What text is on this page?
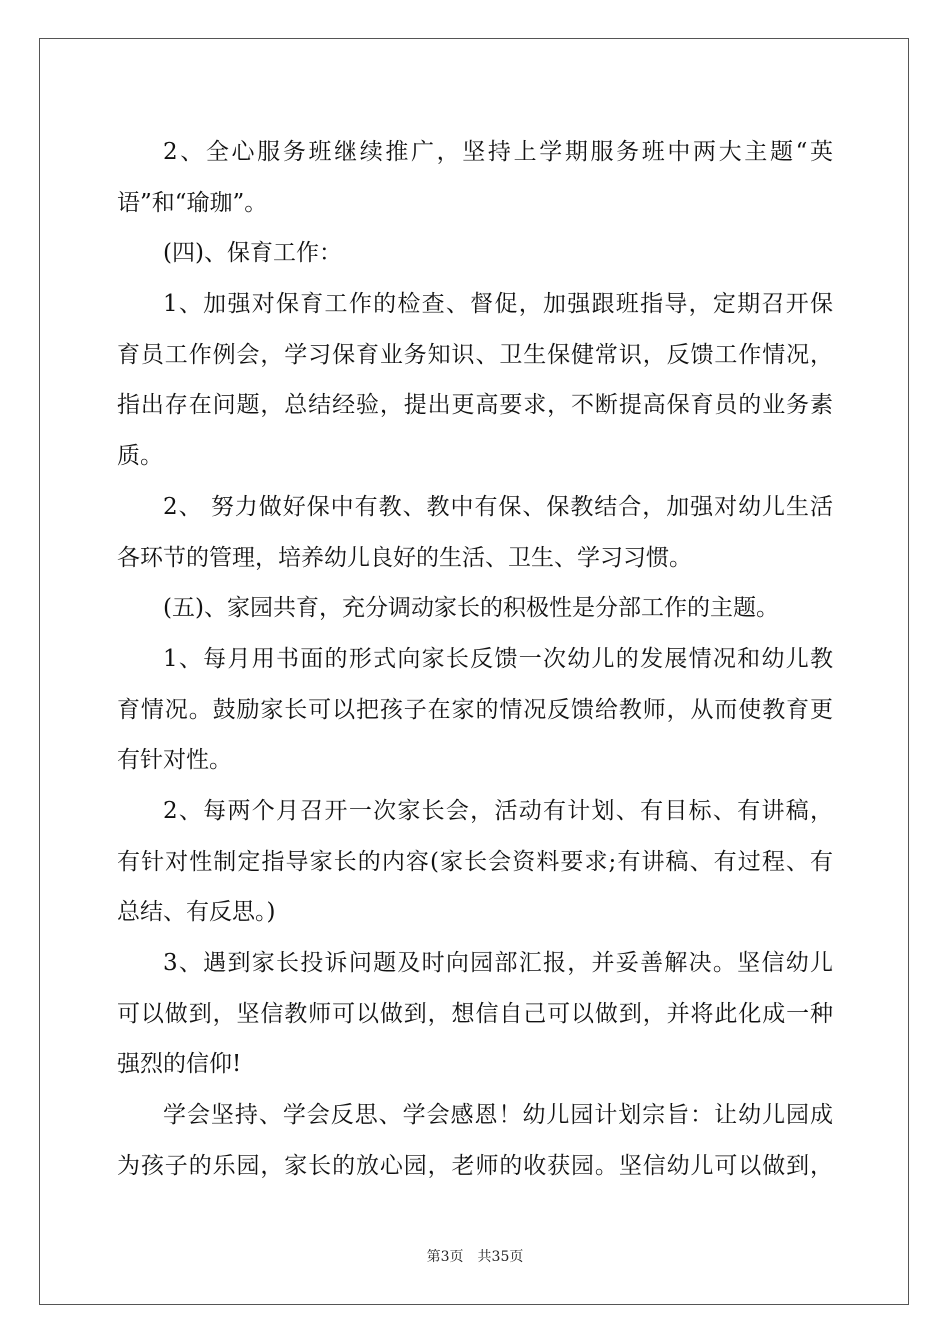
2、全心服务班继续推广，坚持上学期服务班中两大主题“英
语”和“瑜珈”。
(四)、保育工作：
1、加强对保育工作的检查、督促，加强跟班指导，定期召开保
育员工作例会，学习保育业务知识、卫生保健常识，反馈工作情况，
指出存在问题，总结经验，提出更高要求，不断提高保育员的业务素
质。
2、 努力做好保中有教、教中有保、保教结合，加强对幼儿生活
各环节的管理，培养幼儿良好的生活、卫生、学习习惯。
(五)、家园共育，充分调动家长的积极性是分部工作的主题。
1、每月用书面的形式向家长反馈一次幼儿的发展情况和幼儿教
育情况。鼓励家长可以把孩子在家的情况反馈给教师，从而使教育更
有针对性。
2、每两个月召开一次家长会，活动有计划、有目标、有讲稿，
有针对性制定指导家长的内容(家长会资料要求;有讲稿、有过程、有
总结、有反思。)
3、遇到家长投诉问题及时向园部汇报，并妥善解决。坚信幼儿
可以做到，坚信教师可以做到，想信自己可以做到，并将此化成一种
强烈的信仰!
学会坚持、学会反思、学会感恩！幼儿园计划宗旨：让幼儿园成
为孩子的乐园，家长的放心园，老师的收获园。坚信幼儿可以做到，
第3页 共35页
